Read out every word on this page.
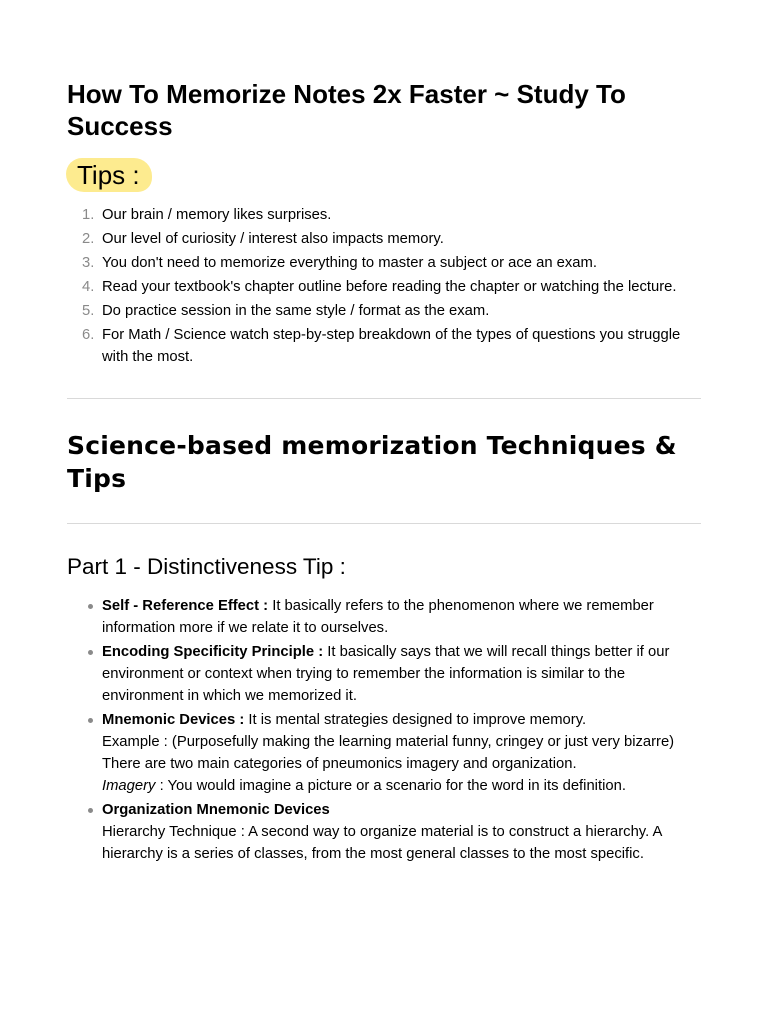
How To Memorize Notes 2x Faster ~ Study To Success
Tips :
1. Our brain / memory likes surprises.
2. Our level of curiosity / interest also impacts memory.
3. You don't need to memorize everything to master a subject or ace an exam.
4. Read your textbook's chapter outline before reading the chapter or watching the lecture.
5. Do practice session in the same style / format as the exam.
6. For Math / Science watch step-by-step breakdown of the types of questions you struggle with the most.
Science-based memorization Techniques & Tips
Part 1 - Distinctiveness Tip :
Self - Reference Effect : It basically refers to the phenomenon where we remember information more if we relate it to ourselves.
Encoding Specificity Principle : It basically says that we will recall things better if our environment or context when trying to remember the information is similar to the environment in which we memorized it.
Mnemonic Devices : It is mental strategies designed to improve memory.
Example : (Purposefully making the learning material funny, cringey or just very bizarre)
There are two main categories of pneumonics imagery and organization.
Imagery : You would imagine a picture or a scenario for the word in its definition.
Organization Mnemonic Devices
Hierarchy Technique : A second way to organize material is to construct a hierarchy. A hierarchy is a series of classes, from the most general classes to the most specific.
